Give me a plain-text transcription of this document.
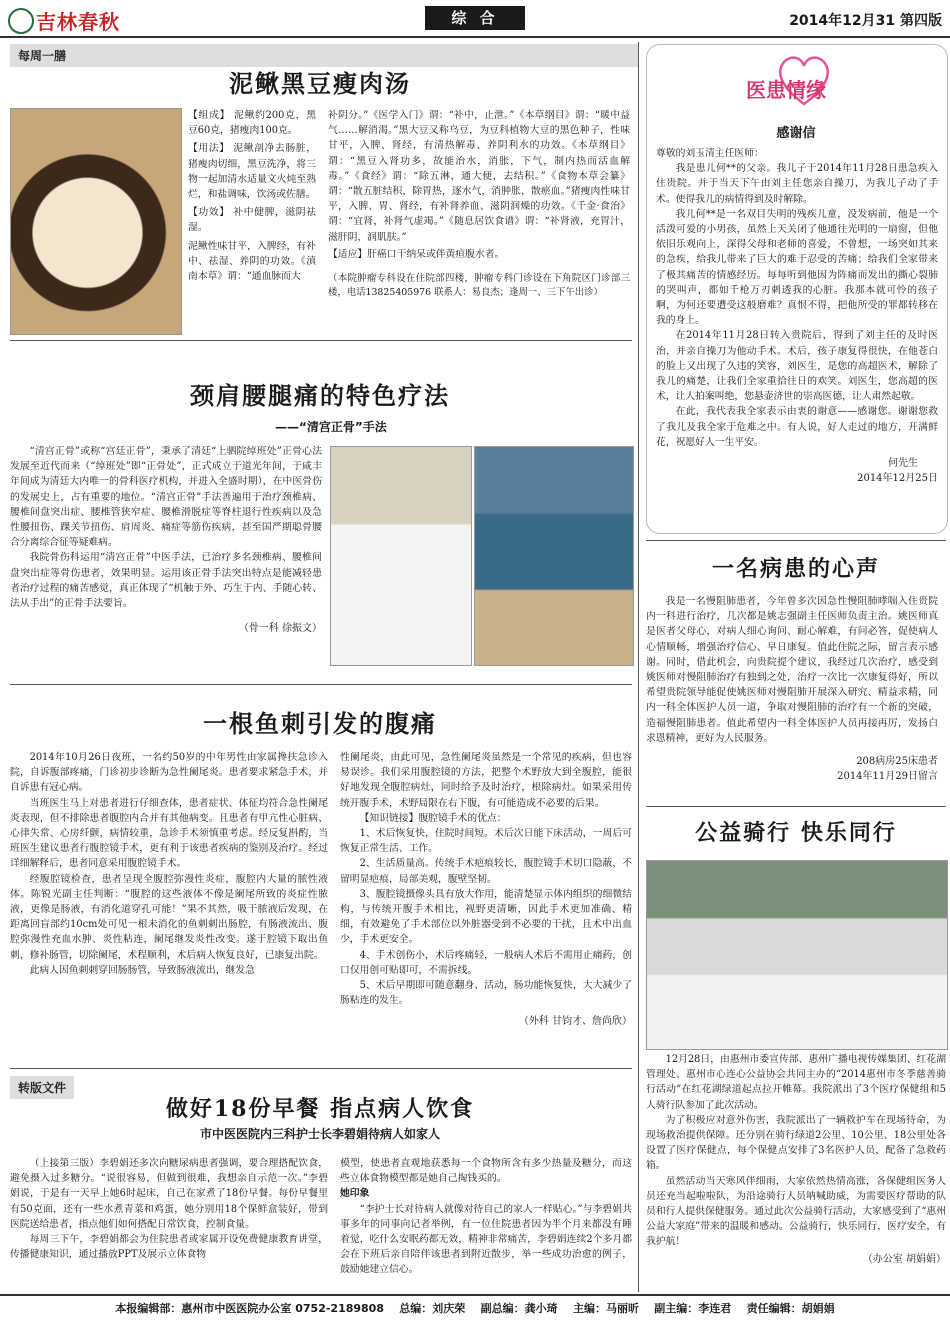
吉林春秋	综 合	2014年12月31 第四版
每周一膳
泥鳅黑豆瘦肉汤

【组成】 泥鳅约200克，黑豆60克，猪瘦肉100克。

【用法】 泥鳅剖净去肠脏，猪瘦肉切细，黑豆洗净，将三物一起加清水适量文火炖至熟烂，和盐调味，饮汤或佐膳。

【功效】 补中健脾，滋阴祛湿。

泥鳅性味甘平，入脾经，有补中、祛湿、养阴的功效。《滇南本草》谓：“通血脉而大

补阴分。”《医学入门》谓：“补中，止泄。”《本草纲目》谓：“暖中益气……解消渴。”黑大豆又称乌豆，为豆科植物大豆的黑色种子，性味甘平，入脾、肾经，有清热解毒、养阴利水的功效。《本草纲目》谓：“黑豆入肾功多，故能治水，消胀，下气，制内热而活血解毒。”《食经》谓：“除五淋，通大便，去结积。”《食物本草会纂》谓：“散五脏结积，除胃热，逐水气，消肿胀，散瘀血。”猪瘦肉性味甘平，入脾、胃、肾经，有补肾养血、滋阴润燥的功效。《千金·食治》谓：“宜肾，补肾气虚竭。”《随息居饮食谱》谓：“补肾液，充胃汁，滋肝阴，润肌肤。”

【适应】肝癌口干纳呆或伴黄疸腹水者。

（本院肿瘤专科设在住院部四楼，肿瘤专科门诊设在下角院区门诊部三楼，电话13825405976 联系人：易良杰；逢周一、三下午出诊）

颈肩腰腿痛的特色疗法
——“清宫正骨”手法

“清宫正骨”或称“宫廷正骨”，秉承了清廷“上驷院绰班处”正骨心法发展至近代而来（“绰班处”即“正骨处”，正式成立于道光年间，于咸丰年间成为清廷大内唯一的骨科医疗机构，并进入全盛时期），在中医骨伤的发展史上，占有重要的地位。“清宫正骨”手法善遍用于治疗颈椎病、腰椎间盘突出症、腰椎管狭窄症、腰椎滑脱症等脊柱退行性疾病以及急性腰扭伤、踝关节扭伤、肩周炎、痛症等筋伤疾病，甚至国严期聪骨腰合分离综合征等疑难病。

我院骨伤科运用“清宫正骨”中医手法，已治疗多名颈椎病、腰椎间盘突出症等骨伤患者，效果明显。运用该正骨手法突出特点是能减轻患者治疗过程的痛苦感觉，真正体现了“机触于外、巧生于内、手随心转、法从手出”的正骨手法要旨。

（骨一科 徐振文）

一根鱼刺引发的腹痛

2014年10月26日夜班，一名约50岁的中年男性由家属搀扶急诊入院，自诉腹部疼痛，门诊初步诊断为急性阑尾炎。患者要求紧急手术，并自诉患有冠心病。

当班医生马上对患者进行仔细查体，患者症状、体征均符合急性阑尾炎表现，但不排除患者腹腔内合并有其他病变。且患者有甲亢性心脏病、心律失常、心房纤颤，病情较重，急诊手术须慎重考虑。经反复斟酌，当班医生建议患者行腹腔镜手术，更有利于该患者疾病的鉴别及治疗。经过详细解释后，患者同意采用腹腔镜手术。

经腹腔镜检查，患者呈现全腹腔弥漫性炎症，腹腔内大量的脓性液体。陈锐光副主任判断：“腹腔的这些液体不像是阑尾所致的炎症性脓液，更像是肠液，有消化道穿孔可能！”果不其然，吸干脓液后发现，在距离回盲部约10cm处可见一根未消化的鱼刺刺出肠腔，有肠液流出、腹腔弥漫性充血水肿、炎性粘连，阑尾继发炎性改变。遂于腔镜下取出鱼刺，修补肠管，切除阑尾，术程顺利，术后病人恢复良好，已康复出院。

此病人因鱼刺刺穿回肠肠管，导致肠液流出，继发急

性阑尾炎，由此可见，急性阑尾炎虽然是一个常见的疾病，但也容易误诊。我们采用腹腔镜的方法，把整个术野放大到全腹腔，能很好地发现全腹腔病灶，同时给予及时治疗，根除病灶。如果采用传统开腹手术，术野局限在右下腹，有可能造成不必要的后果。

【知识链接】腹腔镜手术的优点：

1、术后恢复快，住院时间短。术后次日能下床活动，一周后可恢复正常生活、工作。

2、生活质量高。传统手术疤痕较长，腹腔镜手术切口隐蔽，不留明显疤痕，局部美观，腹壁坚韧。

3、腹腔镜摄像头具有放大作用，能清楚显示体内组织的细微结构，与传统开腹手术相比，视野更清晰，因此手术更加准确、精细，有效避免了手术部位以外脏器受到不必要的干扰，且术中出血少，手术更安全。

4、手术创伤小，术后疼痛轻，一般病人术后不需用止痛药，创口仅用创可贴即可，不需拆线。

5、术后早期即可随意翻身、活动，肠功能恢复快，大大减少了肠粘连的发生。

（外科 甘钧才、詹尚欣）

转版文件
做好18份早餐 指点病人饮食
市中医医院内三科护士长李碧娟待病人如家人

（上接第三版）李碧娟还多次向糖尿病患者强调，要合理搭配饮食，避免摄入过多糖分。“说很容易，但做到很难，我想亲自示范一次。”李碧娟说，于是有一天早上她6时起床，自己在家煮了18份早餐。每份早餐里有50克面，还有一些水煮青菜和鸡蛋，她分别用18个保鲜盒装好，带到医院送给患者，指点他们如何搭配日常饮食，控制食量。

每周三下午，李碧娟都会为住院患者或家属开设免费健康教育讲堂，传播健康知识，通过播放PPT及展示立体食物

模型，使患者直观地获悉每一个食物所含有多少热量及糖分，而这些立体食物模型都是她自己掏钱买的。

她印象

“李护士长对待病人就像对待自己的家人一样贴心。”与李碧娟共事多年的同事向记者举例，有一位住院患者因为半个月来都没有睡着觉，吃什么安眠药都无效，精神非常痛苦，李碧娟连续2个多月都会在下班后亲自陪伴该患者到附近散步，举一些成功治愈的例子，鼓励她建立信心。

医患情缘
感谢信

尊敬的刘玉清主任医师：

我是患儿何**的父亲。我儿子于2014年11月28日患急疾入住贵院。并于当天下午由刘主任您亲自操刀，为我儿子动了手术。使得我儿的病情得到及时解除。

我儿何**是一名双目失明的残疾儿童，没发病前，他是一个活泼可爱的小男孩，虽然上天关闭了他通往光明的一扇窗，但他依旧乐观向上，深得父母和老师的喜爱，不曾想，一场突如其来的急疾，给我儿带来了巨大的难于忍受的苦痛；给我们全家带来了极其痛苦的情感经历。每每听到他因为阵痛而发出的撕心裂肺的哭叫声，都如千枪万刃刺透我的心脏。我那本就可怜的孩子啊，为何还要遭受这般磨难？真恨不得，把他所受的罪都转移在我的身上。

在2014年11月28日转入贵院后，得到了刘主任的及时医治，并亲自操刀为他动手术。术后，孩子康复得很快，在他苍白的脸上又出现了久违的笑容，刘医生，是您的高超医术，解除了我儿的痛楚，让我们全家重拾往日的欢笑。刘医生，您高超的医术，让人拍案叫绝，您悬壶济世的崇高医德，让人肃然起敬。

在此，我代表我全家表示由衷的谢意——感谢您。谢谢您救了我儿及我全家于危难之中。有人说，好人走过的地方，开满鲜花，祝愿好人一生平安。

何先生

2014年12月25日

一名病患的心声

我是一名慢阻肺患者，今年曾多次因急性慢阻肺哮喘入住贵院内一科进行治疗，几次都是姚志强副主任医师负责主治。姚医师真是医者父母心，对病人细心询问、耐心解难，有问必答，促使病人心情顺畅，增强治疗信心、早日康复。值此住院之际，留言表示感谢。同时，借此机会，向贵院提个建议，我经过几次治疗，感受到姚医师对慢阻肺治疗有独到之处，治疗一次比一次康复得好，所以希望贵院领导能促使姚医师对慢阻肺开展深入研究、精益求精，同内一科全体医护人员一道，争取对慢阻肺的治疗有一个新的突破，造福慢阻肺患者。值此希望内一科全体医护人员再接再厉，发扬白求恩精神，更好为人民服务。

208病房25床患者

2014年11月29日留言

公益骑行 快乐同行

12月28日，由惠州市委宣传部、惠州广播电视传媒集团、红花湖管理处、惠州市心连心公益协会共同主办的“2014惠州市冬季慈善骑行活动”在红花湖绿道起点拉开帷幕。我院派出了3个医疗保健组和5人骑行队参加了此次活动。

为了积极应对意外伤害，我院派出了一辆救护车在现场待命，为现场救治提供保障。还分别在骑行绿道2公里、10公里、18公里处各设置了医疗保健点，每个保健点安排了3名医护人员，配备了急救药箱。

虽然活动当天寒风伴细雨，大家依然热情高涨，各保健组医务人员还充当起啦啦队，为沿途骑行人员呐喊助威，为需要医疗帮助的队员和行人提供保健服务。通过此次公益骑行活动，大家感受到了“惠州公益大家庭”带来的温暖和感动。公益骑行，快乐同行，医疗安全，有我护航！

（办公室 胡娟娟）

本报编辑部：惠州市中医医院办公室 0752-2189808    总编：刘庆荣    副总编：龚小琦    主编：马丽昕    副主编：李连君    责任编辑：胡娟娟
